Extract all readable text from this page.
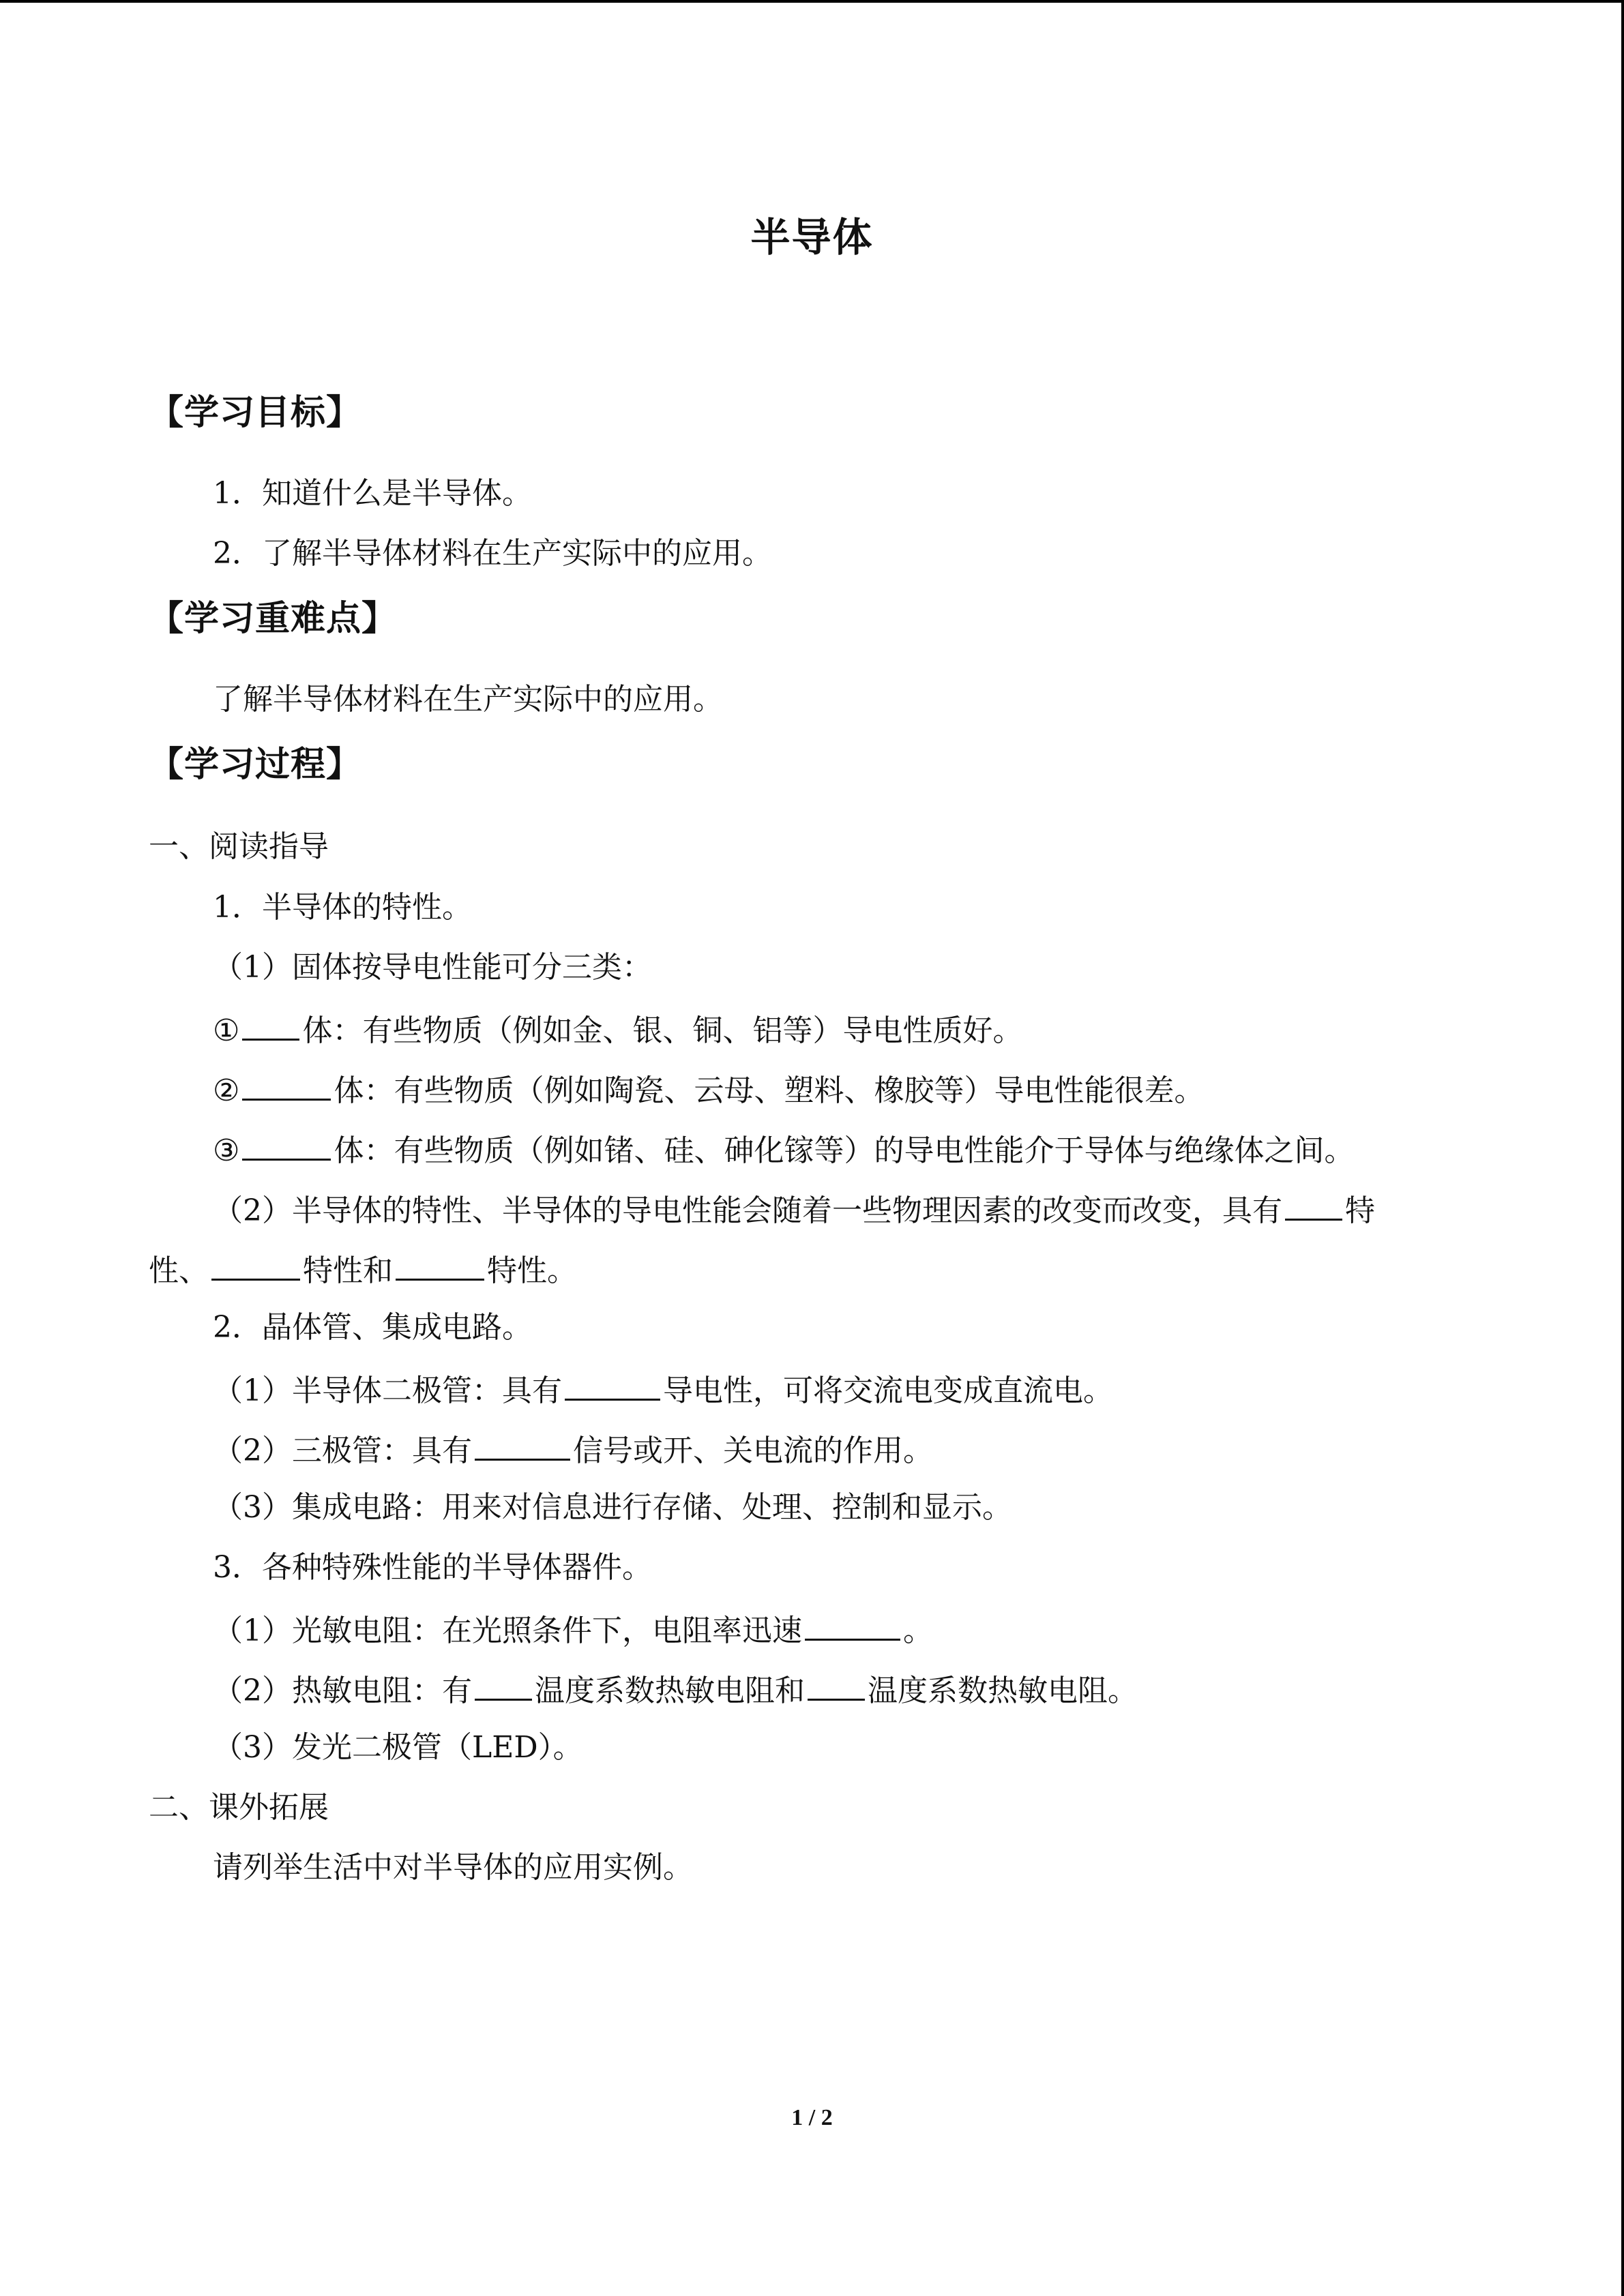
半导体
【学习目标】
1．知道什么是半导体。
2．了解半导体材料在生产实际中的应用。
【学习重难点】
了解半导体材料在生产实际中的应用。
【学习过程】
一、阅读指导
1．半导体的特性。
（1）固体按导电性能可分三类：
① 体：有些物质（例如金、银、铜、铝等）导电性质好。
②	体：有些物质（例如陶瓷、云母、塑料、橡胶等）导电性能很差。
③	体：有些物质（例如锗、硅、砷化镓等）的导电性能介于导体与绝缘体之间。
（2）半导体的特性、半导体的导电性能会随着一些物理因素的改变而改变，具有 特
性、	特性和	特性。
2．晶体管、集成电路。
（1）半导体二极管：具有	导电性，可将交流电变成直流电。
（2）三极管：具有	信号或开、关电流的作用。
（3）集成电路：用来对信息进行存储、处理、控制和显示。
3．各种特殊性能的半导体器件。
（1）光敏电阻：在光照条件下，电阻率迅速	。
（2）热敏电阻：有 温度系数热敏电阻和 温度系数热敏电阻。
（3）发光二极管（LED）。
二、课外拓展
请列举生活中对半导体的应用实例。
1 / 2
